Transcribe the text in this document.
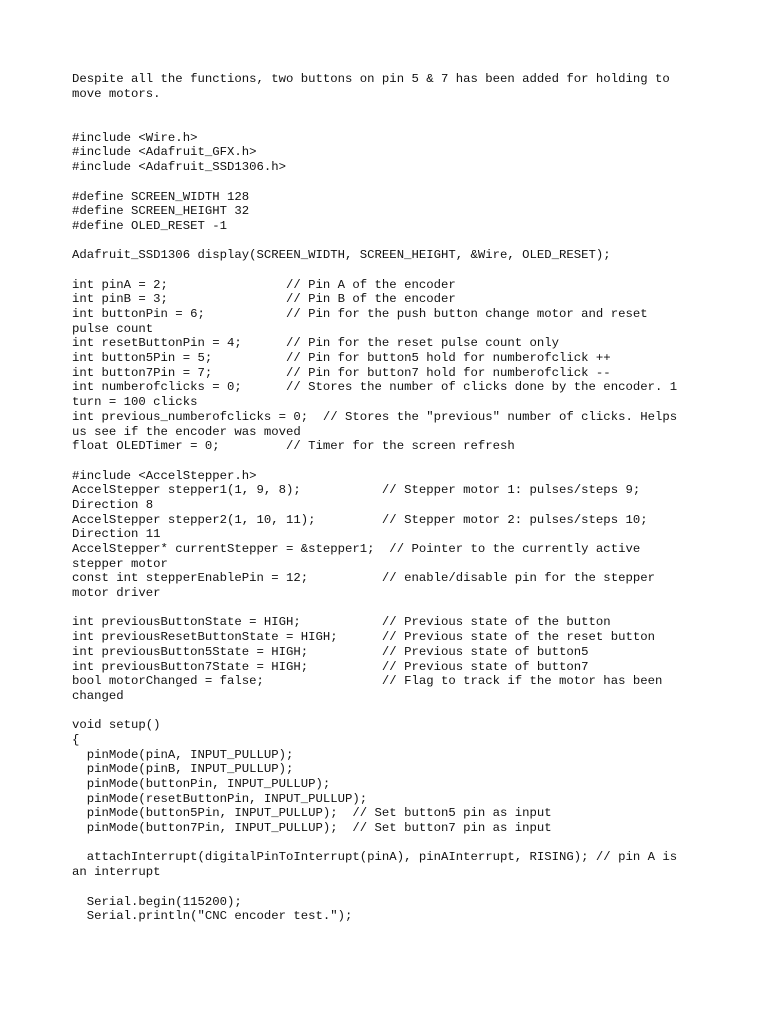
Despite all the functions, two buttons on pin 5 & 7 has been added for holding to
move motors.
#include <Wire.h>
#include <Adafruit_GFX.h>
#include <Adafruit_SSD1306.h>
#define SCREEN_WIDTH 128
#define SCREEN_HEIGHT 32
#define OLED_RESET -1
Adafruit_SSD1306 display(SCREEN_WIDTH, SCREEN_HEIGHT, &Wire, OLED_RESET);
int pinA = 2;                // Pin A of the encoder
int pinB = 3;                // Pin B of the encoder
int buttonPin = 6;           // Pin for the push button change motor and reset
pulse count
int resetButtonPin = 4;      // Pin for the reset pulse count only
int button5Pin = 5;          // Pin for button5 hold for numberofclick ++
int button7Pin = 7;          // Pin for button7 hold for numberofclick --
int numberofclicks = 0;      // Stores the number of clicks done by the encoder. 1
turn = 100 clicks
int previous_numberofclicks = 0;  // Stores the "previous" number of clicks. Helps
us see if the encoder was moved
float OLEDTimer = 0;         // Timer for the screen refresh
#include <AccelStepper.h>
AccelStepper stepper1(1, 9, 8);           // Stepper motor 1: pulses/steps 9;
Direction 8
AccelStepper stepper2(1, 10, 11);         // Stepper motor 2: pulses/steps 10;
Direction 11
AccelStepper* currentStepper = &stepper1;  // Pointer to the currently active
stepper motor
const int stepperEnablePin = 12;          // enable/disable pin for the stepper
motor driver
int previousButtonState = HIGH;           // Previous state of the button
int previousResetButtonState = HIGH;      // Previous state of the reset button
int previousButton5State = HIGH;          // Previous state of button5
int previousButton7State = HIGH;          // Previous state of button7
bool motorChanged = false;                // Flag to track if the motor has been
changed
void setup()
{
pinMode(pinA, INPUT_PULLUP);
pinMode(pinB, INPUT_PULLUP);
pinMode(buttonPin, INPUT_PULLUP);
pinMode(resetButtonPin, INPUT_PULLUP);
pinMode(button5Pin, INPUT_PULLUP);  // Set button5 pin as input
pinMode(button7Pin, INPUT_PULLUP);  // Set button7 pin as input
attachInterrupt(digitalPinToInterrupt(pinA), pinAInterrupt, RISING); // pin A is
an interrupt
Serial.begin(115200);
Serial.println("CNC encoder test.");
